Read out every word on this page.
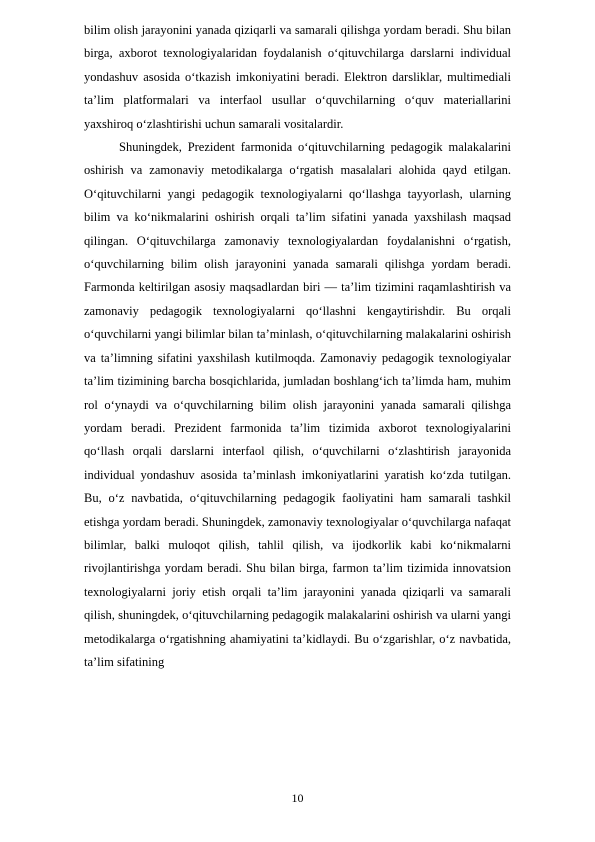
bilim olish jarayonini yanada qiziqarli va samarali qilishga yordam beradi. Shu bilan birga, axborot texnologiyalaridan foydalanish o‘qituvchilarga darslarni individual yondashuv asosida o‘tkazish imkoniyatini beradi. Elektron darsliklar, multimediali ta’lim platformalari va interfaol usullar o‘quvchilarning o‘quv materiallarini yaxshiroq o‘zlashtirishi uchun samarali vositalardir.

Shuningdek, Prezident farmonida o‘qituvchilarning pedagogik malakalarini oshirish va zamonaviy metodikalarga o‘rgatish masalalari alohida qayd etilgan. O‘qituvchilarni yangi pedagogik texnologiyalarni qo‘llashga tayyorlash, ularning bilim va ko‘nikmalarini oshirish orqali ta’lim sifatini yanada yaxshilash maqsad qilingan. O‘qituvchilarga zamonaviy texnologiyalardan foydalanishni o‘rgatish, o‘quvchilarning bilim olish jarayonini yanada samarali qilishga yordam beradi. Farmonda keltirilgan asosiy maqsadlardan biri — ta’lim tizimini raqamlashtirish va zamonaviy pedagogik texnologiyalarni qo‘llashni kengaytirishdir. Bu orqali o‘quvchilarni yangi bilimlar bilan ta’minlash, o‘qituvchilarning malakalarini oshirish va ta’limning sifatini yaxshilash kutilmoqda. Zamonaviy pedagogik texnologiyalar ta’lim tizimining barcha bosqichlarida, jumladan boshlang‘ich ta’limda ham, muhim rol o‘ynaydi va o‘quvchilarning bilim olish jarayonini yanada samarali qilishga yordam beradi. Prezident farmonida ta’lim tizimida axborot texnologiyalarini qo‘llash orqali darslarni interfaol qilish, o‘quvchilarni o‘zlashtirish jarayonida individual yondashuv asosida ta’minlash imkoniyatlarini yaratish ko‘zda tutilgan. Bu, o‘z navbatida, o‘qituvchilarning pedagogik faoliyatini ham samarali tashkil etishga yordam beradi. Shuningdek, zamonaviy texnologiyalar o‘quvchilarga nafaqat bilimlar, balki muloqot qilish, tahlil qilish, va ijodkorlik kabi ko‘nikmalarni rivojlantirishga yordam beradi. Shu bilan birga, farmon ta’lim tizimida innovatsion texnologiyalarni joriy etish orqali ta’lim jarayonini yanada qiziqarli va samarali qilish, shuningdek, o‘qituvchilarning pedagogik malakalarini oshirish va ularni yangi metodikalarga o‘rgatishning ahamiyatini ta’kidlaydi. Bu o‘zgarishlar, o‘z navbatida, ta’lim sifatining

10
